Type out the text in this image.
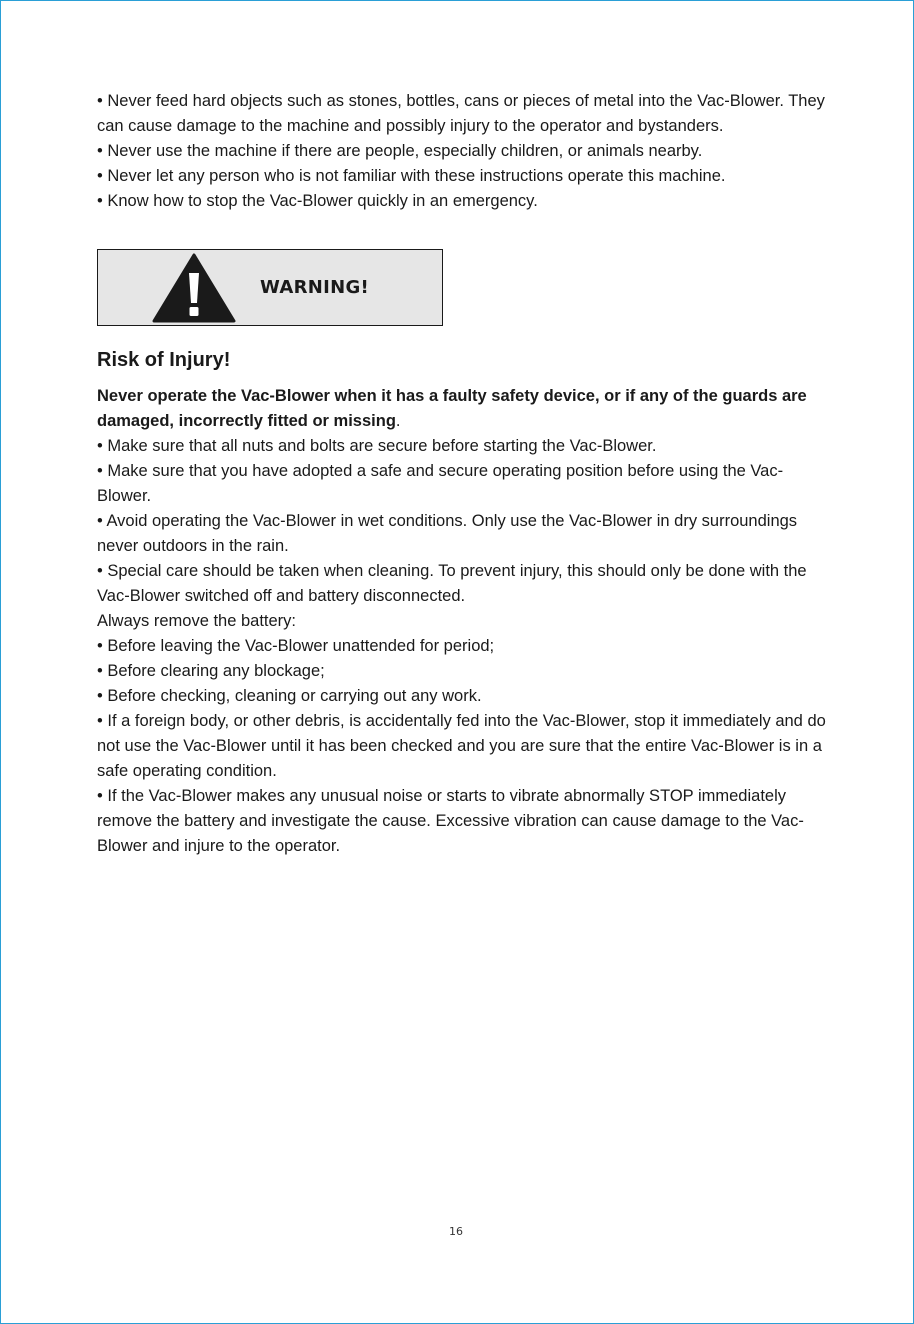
• Never feed hard objects such as stones, bottles, cans or pieces of metal into the Vac-Blower. They can cause damage to the machine and possibly injury to the operator and bystanders.

• Never use the machine if there are people, especially children, or animals nearby.

• Never let any person who is not familiar with these instructions operate this machine.

• Know how to stop the Vac-Blower quickly in an emergency.

WARNING!
Risk of Injury!

Never operate the Vac-Blower when it has a faulty safety device, or if any of the guards are damaged, incorrectly fitted or missing.

• Make sure that all nuts and bolts are secure before starting the Vac-Blower.

• Make sure that you have adopted a safe and secure operating position before using the Vac-Blower.

• Avoid operating the Vac-Blower in wet conditions. Only use the Vac-Blower in dry surroundings never outdoors in the rain.

• Special care should be taken when cleaning. To prevent injury, this should only be done with the Vac-Blower switched off and battery disconnected.

Always remove the battery:

• Before leaving the Vac-Blower unattended for period;

• Before clearing any blockage;

• Before checking, cleaning or carrying out any work.

• If a foreign body, or other debris, is accidentally fed into the Vac-Blower, stop it immediately and do not use the Vac-Blower until it has been checked and you are sure that the entire Vac-Blower is in a safe operating condition.

• If the Vac-Blower makes any unusual noise or starts to vibrate abnormally STOP immediately remove the battery and investigate the cause. Excessive vibration can cause damage to the Vac-Blower and injure to the operator.

16
